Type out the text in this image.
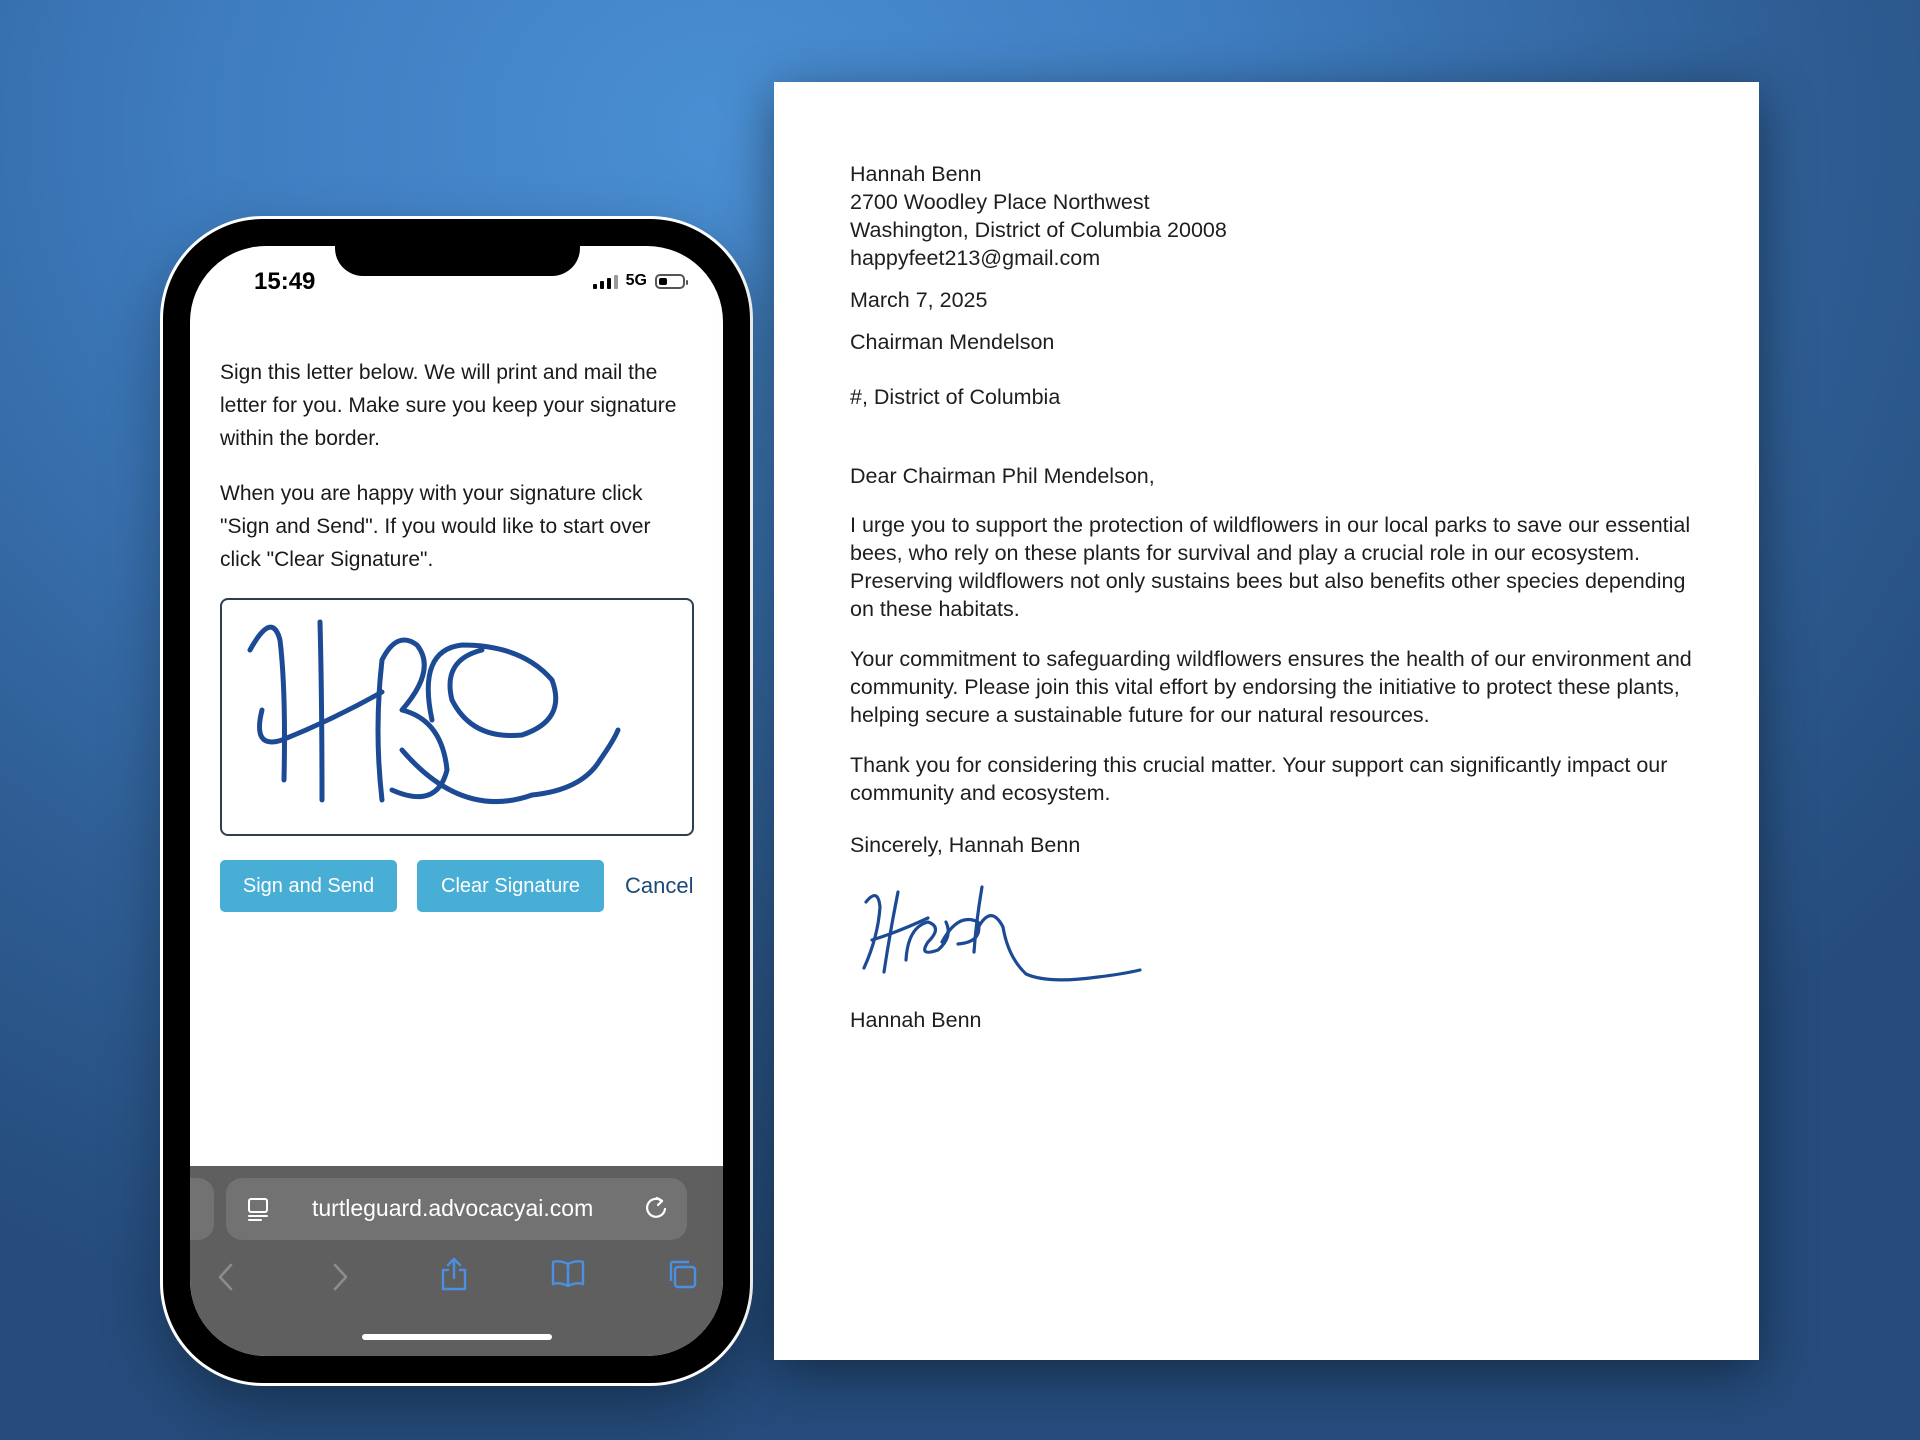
15:49	5G

Sign this letter below. We will print and mail the letter for you. Make sure you keep your signature within the border.

When you are happy with your signature click "Sign and Send". If you would like to start over click "Clear Signature".

Sign and Send	Clear Signature	Cancel
turtleguard.advocacyai.com
Hannah Benn
2700 Woodley Place Northwest
Washington, District of Columbia 20008
happyfeet213@gmail.com
March 7, 2025
Chairman Mendelson
#, District of Columbia
Dear Chairman Phil Mendelson,
I urge you to support the protection of wildflowers in our local parks to save our essential bees, who rely on these plants for survival and play a crucial role in our ecosystem. Preserving wildflowers not only sustains bees but also benefits other species depending on these habitats.
Your commitment to safeguarding wildflowers ensures the health of our environment and community. Please join this vital effort by endorsing the initiative to protect these plants, helping secure a sustainable future for our natural resources.
Thank you for considering this crucial matter. Your support can significantly impact our community and ecosystem.
Sincerely, Hannah Benn
Hannah Benn
